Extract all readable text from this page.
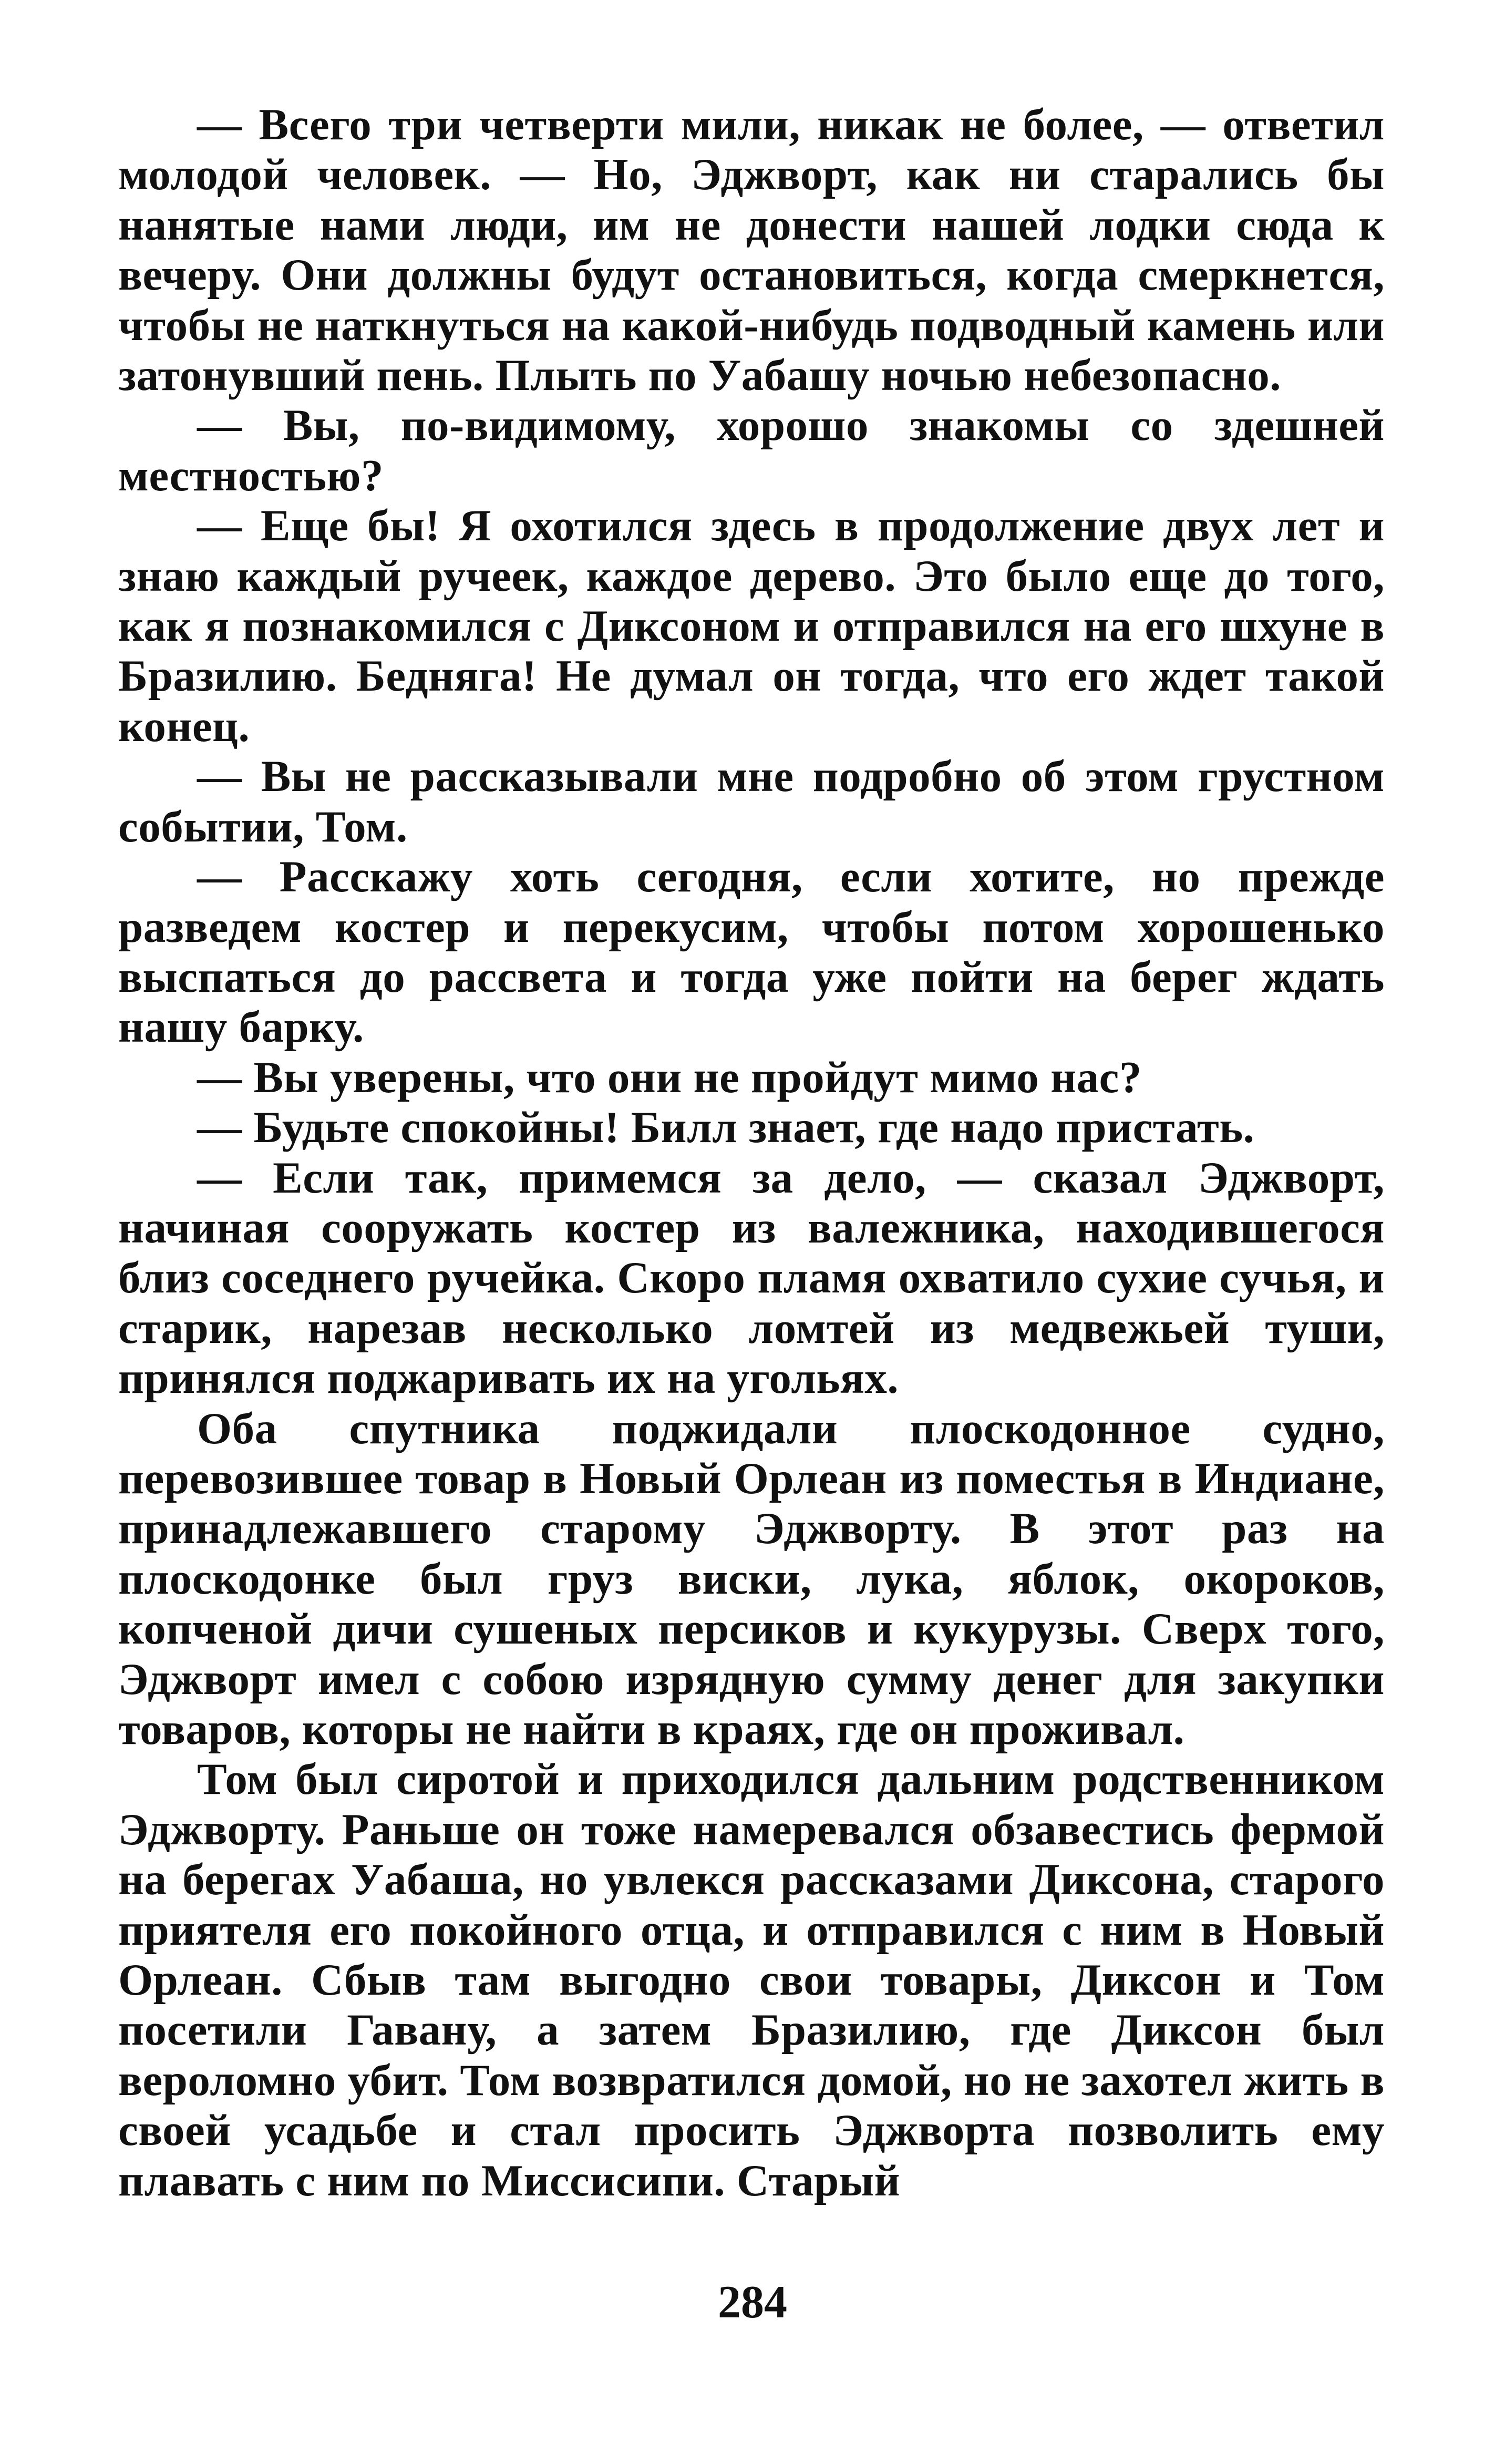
— Всего три четверти мили, никак не более, — ответил молодой человек. — Но, Эджворт, как ни старались бы нанятые нами люди, им не донести нашей лодки сюда к вечеру. Они должны будут остановиться, когда смеркнется, чтобы не наткнуться на какой-нибудь подводный камень или затонувший пень. Плыть по Уабашу ночью небезопасно.

— Вы, по-видимому, хорошо знакомы со здешней местностью?

— Еще бы! Я охотился здесь в продолжение двух лет и знаю каждый ручеек, каждое дерево. Это было еще до того, как я познакомился с Диксоном и отправился на его шхуне в Бразилию. Бедняга! Не думал он тогда, что его ждет такой конец.

— Вы не рассказывали мне подробно об этом грустном событии, Том.

— Расскажу хоть сегодня, если хотите, но прежде разведем костер и перекусим, чтобы потом хорошенько выспаться до рассвета и тогда уже пойти на берег ждать нашу барку.

— Вы уверены, что они не пройдут мимо нас?

— Будьте спокойны! Билл знает, где надо пристать.

— Если так, примемся за дело, — сказал Эджворт, начиная сооружать костер из валежника, находившегося близ соседнего ручейка. Скоро пламя охватило сухие сучья, и старик, нарезав несколько ломтей из медвежьей туши, принялся поджаривать их на угольях.

Оба спутника поджидали плоскодонное судно, перевозившее товар в Новый Орлеан из поместья в Индиане, принадлежавшего старому Эджворту. В этот раз на плоскодонке был груз виски, лука, яблок, окороков, копченой дичи сушеных персиков и кукурузы. Сверх того, Эджворт имел с собою изрядную сумму денег для закупки товаров, которы не найти в краях, где он проживал.

Том был сиротой и приходился дальним родственником Эджворту. Раньше он тоже намеревался обзавестись фермой на берегах Уабаша, но увлекся рассказами Диксона, старого приятеля его покойного отца, и отправился с ним в Новый Орлеан. Сбыв там выгодно свои товары, Диксон и Том посетили Гавану, а затем Бразилию, где Диксон был вероломно убит. Том возвратился домой, но не захотел жить в своей усадьбе и стал просить Эджворта позволить ему плавать с ним по Миссисипи. Старый

284
